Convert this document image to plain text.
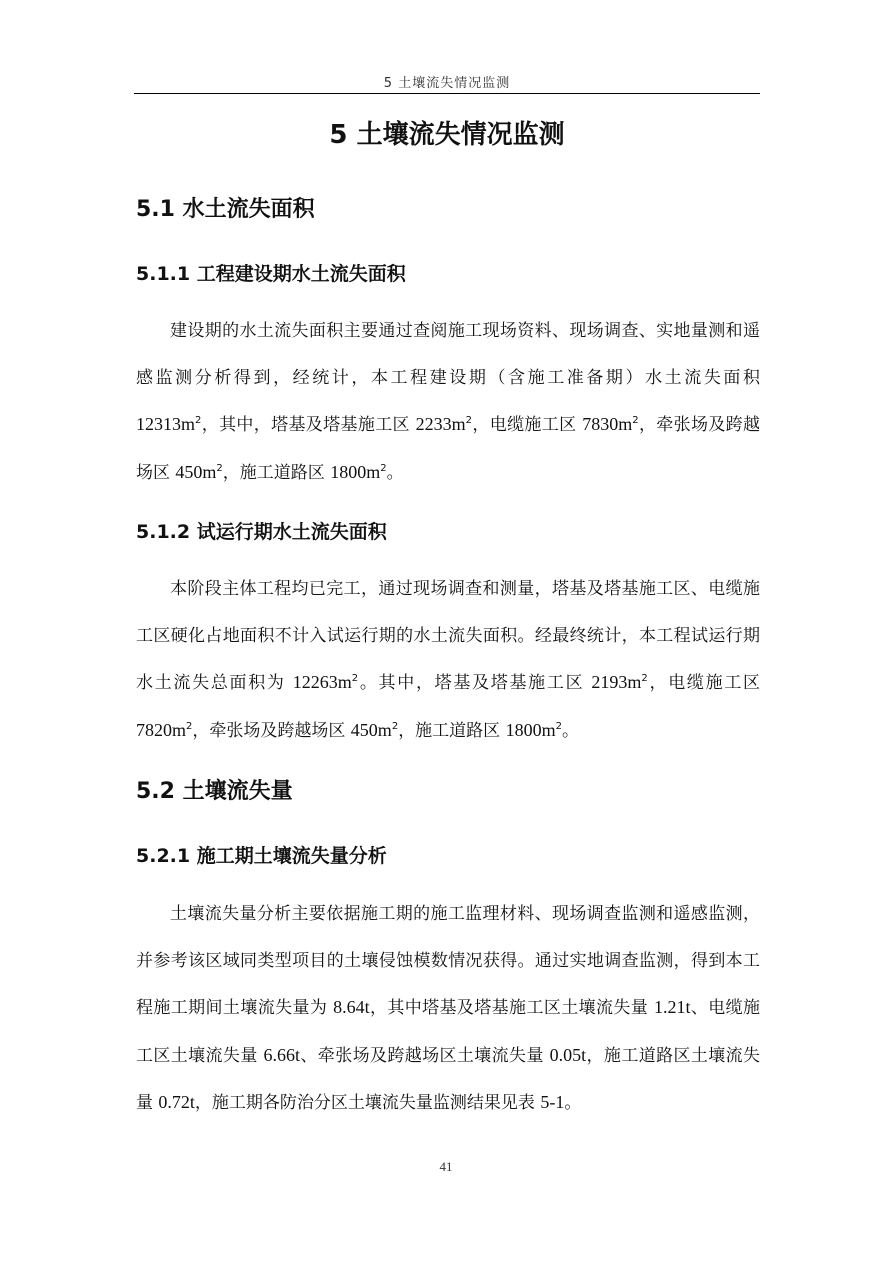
5 土壤流失情况监测
5 土壤流失情况监测
5.1 水土流失面积
5.1.1 工程建设期水土流失面积

建设期的水土流失面积主要通过查阅施工现场资料、现场调查、实地量测和遥感监测分析得到，经统计，本工程建设期（含施工准备期）水土流失面积$12313m^2$，其中，塔基及塔基施工区 $2233m^2$，电缆施工区 $7830m^2$，牵张场及跨越场区 $450m^2$，施工道路区 $1800m^2$。

5.1.2 试运行期水土流失面积

本阶段主体工程均已完工，通过现场调查和测量，塔基及塔基施工区、电缆施工区硬化占地面积不计入试运行期的水土流失面积。经最终统计，本工程试运行期水土流失总面积为 $12263m^2$。其中，塔基及塔基施工区 $2193m^2$，电缆施工区$7820m^2$，牵张场及跨越场区 $450m^2$，施工道路区 $1800m^2$。

5.2 土壤流失量
5.2.1 施工期土壤流失量分析

土壤流失量分析主要依据施工期的施工监理材料、现场调查监测和遥感监测，并参考该区域同类型项目的土壤侵蚀模数情况获得。通过实地调查监测，得到本工程施工期间土壤流失量为 8.64t，其中塔基及塔基施工区土壤流失量 1.21t、电缆施工区土壤流失量 6.66t、牵张场及跨越场区土壤流失量 0.05t，施工道路区土壤流失量 0.72t，施工期各防治分区土壤流失量监测结果见表 5-1。

41
